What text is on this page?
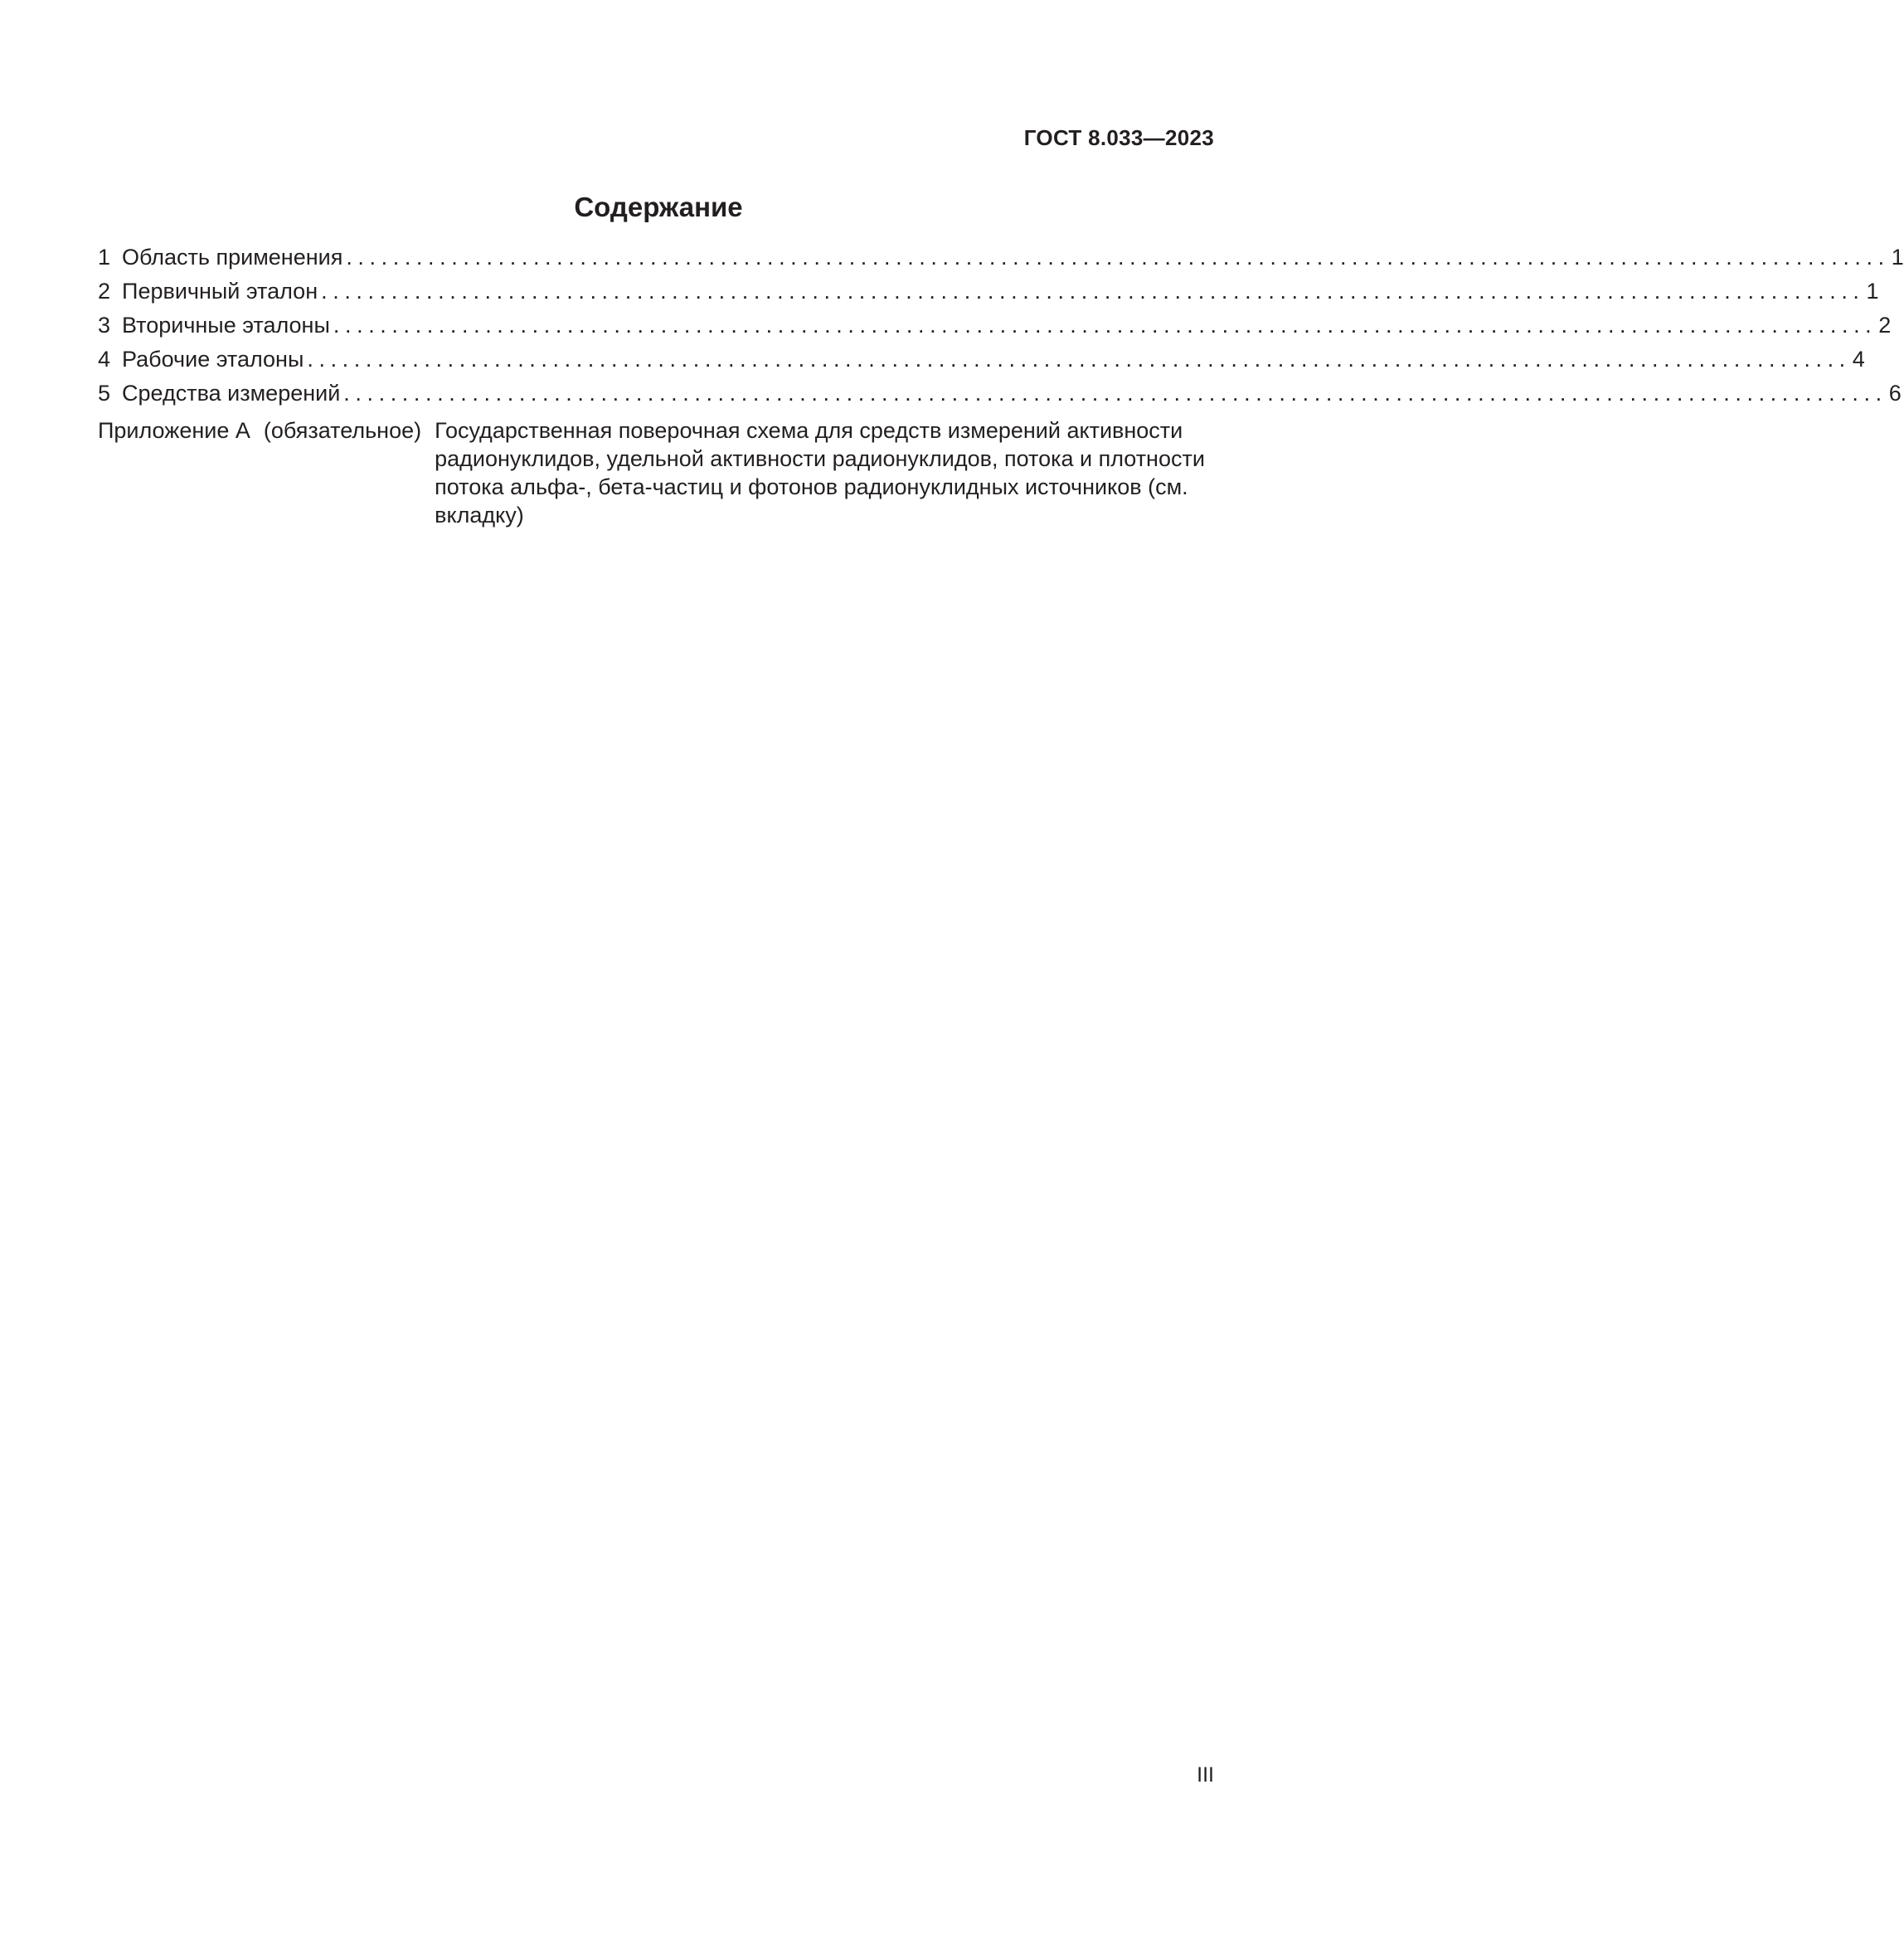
ГОСТ 8.033—2023
Содержание
1 Область применения .................................................................................................................................... 1
2 Первичный эталон .................................................................................................................................... 1
3 Вторичные эталоны .................................................................................................................................... 2
4 Рабочие эталоны .................................................................................................................................... 4
5 Средства измерений .................................................................................................................................... 6
Приложение А (обязательное) Государственная поверочная схема для средств измерений активности радионуклидов, удельной активности радионуклидов, потока и плотности потока альфа-, бета-частиц и фотонов радионуклидных источников (см. вкладку)
III
